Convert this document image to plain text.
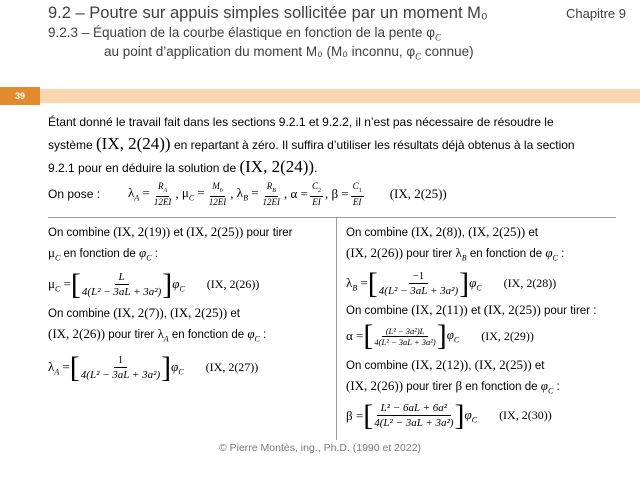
9.2 – Poutre sur appuis simples sollicitée par un moment M₀
9.2.3 – Équation de la courbe élastique en fonction de la pente $\varphi_C$
au point d’application du moment M₀ (M₀ inconnu, $\varphi_C$ connue)
Chapitre 9
39
Étant donné le travail fait dans les sections 9.2.1 et 9.2.2, il n’est pas nécessaire de résoudre le
système (IX, 2(24)) en repartant à zéro. Il suffira d’utiliser les résultats déjà obtenus à la section
9.2.1 pour en déduire la solution de (IX, 2(24)).
On pose : $\lambda_A = \frac{R_A}{12EI}$ , $\mu_C = \frac{M_0}{12EI}$ , $\lambda_B = \frac{R_B}{12EI}$ , $\alpha = \frac{C_2}{EI}$ , $\beta = \frac{C_1}{EI} (IX$, 2(25))
On combine (IX, 2(19)) et (IX, 2(25)) pour tirer
$\mu_C$ en fonction de $\varphi_C$ :
$\mu_C$ = [ $\frac{L}{\text{4(L² − 3aL + 3a²)}}$ ] $\varphi_C$ (IX, 2(26))
On combine (IX, 2(7)), (IX, 2(25)) et
(IX, 2(26)) pour tirer $\lambda_A$ en fonction de $\varphi_C$ :
$\lambda_A$ = [ $\frac{1}{\text{4(L² − 3aL + 3a²)}}$ ] $\varphi_C$ (IX, 2(27))
On combine (IX, 2(8)), (IX, 2(25)) et
(IX, 2(26)) pour tirer $\lambda_B$ en fonction de $\varphi_C$ :
$\lambda_B$ = [ $\frac{-1}{\text{4(L² − 3aL + 3a²)}}$ ] $\varphi_C$ (IX, 2(28))
On combine (IX, 2(11)) et (IX, 2(25)) pour tirer :
α = [ $\frac{\text{(L² − 3a²)L}}{\text{4(L² − 3aL + 3a²)}}$ ] $\varphi_C$ (IX, 2(29))
On combine (IX, 2(12)), (IX, 2(25)) et
(IX, 2(26)) pour tirer β en fonction de $\varphi_C$ :
β = [ $\frac{\text{L² − 6aL + 6a²}}{\text{4(L² − 3aL + 3a²)}}$ ] $\varphi_C$ (IX, 2(30))
© Pierre Montès, ing., Ph.D. (1990 et 2022)
